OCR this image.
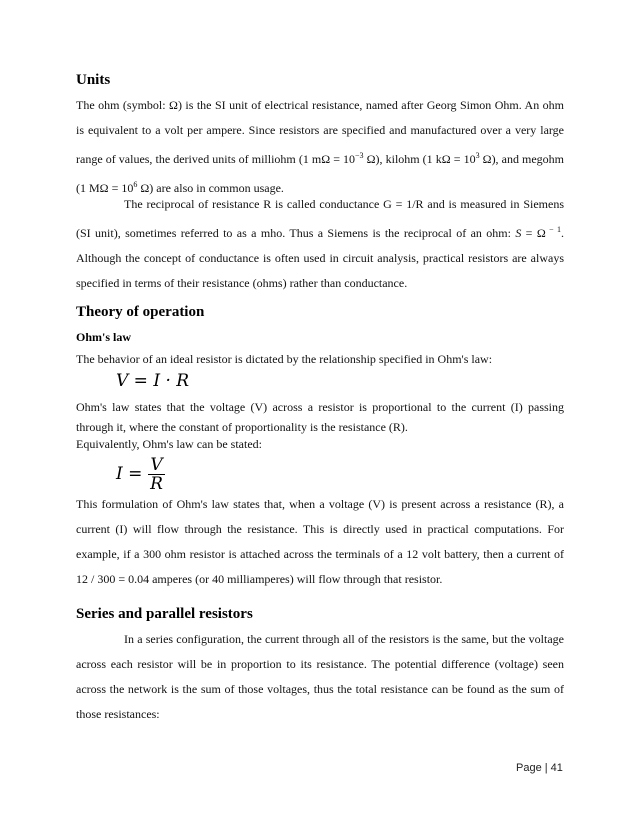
Units

The ohm (symbol: Ω) is the SI unit of electrical resistance, named after Georg Simon Ohm. An ohm is equivalent to a volt per ampere. Since resistors are specified and manufactured over a very large range of values, the derived units of milliohm (1 $m\Omega = 10^{-3}$ Ω), kilohm (1 $k\Omega = 10^3$ Ω), and megohm (1 $M\Omega = 10^6$ Ω) are also in common usage.

The reciprocal of resistance R is called conductance G = 1/R and is measured in Siemens (SI unit), sometimes referred to as a mho. Thus a Siemens is the reciprocal of an ohm: S = Ω $^{- 1}$. Although the concept of conductance is often used in circuit analysis, practical resistors are always specified in terms of their resistance (ohms) rather than conductance.

Theory of operation
Ohm's law

The behavior of an ideal resistor is dictated by the relationship specified in Ohm's law:

V = I · R

Ohm's law states that the voltage (V) across a resistor is proportional to the current (I) passing through it, where the constant of proportionality is the resistance (R).

Equivalently, Ohm's law can be stated:

$I = \frac{V}{R}$

This formulation of Ohm's law states that, when a voltage (V) is present across a resistance (R), a current (I) will flow through the resistance. This is directly used in practical computations. For example, if a 300 ohm resistor is attached across the terminals of a 12 volt battery, then a current of 12 / 300 = 0.04 amperes (or 40 milliamperes) will flow through that resistor.

Series and parallel resistors

In a series configuration, the current through all of the resistors is the same, but the voltage across each resistor will be in proportion to its resistance. The potential difference (voltage) seen across the network is the sum of those voltages, thus the total resistance can be found as the sum of those resistances:

Page | 41
